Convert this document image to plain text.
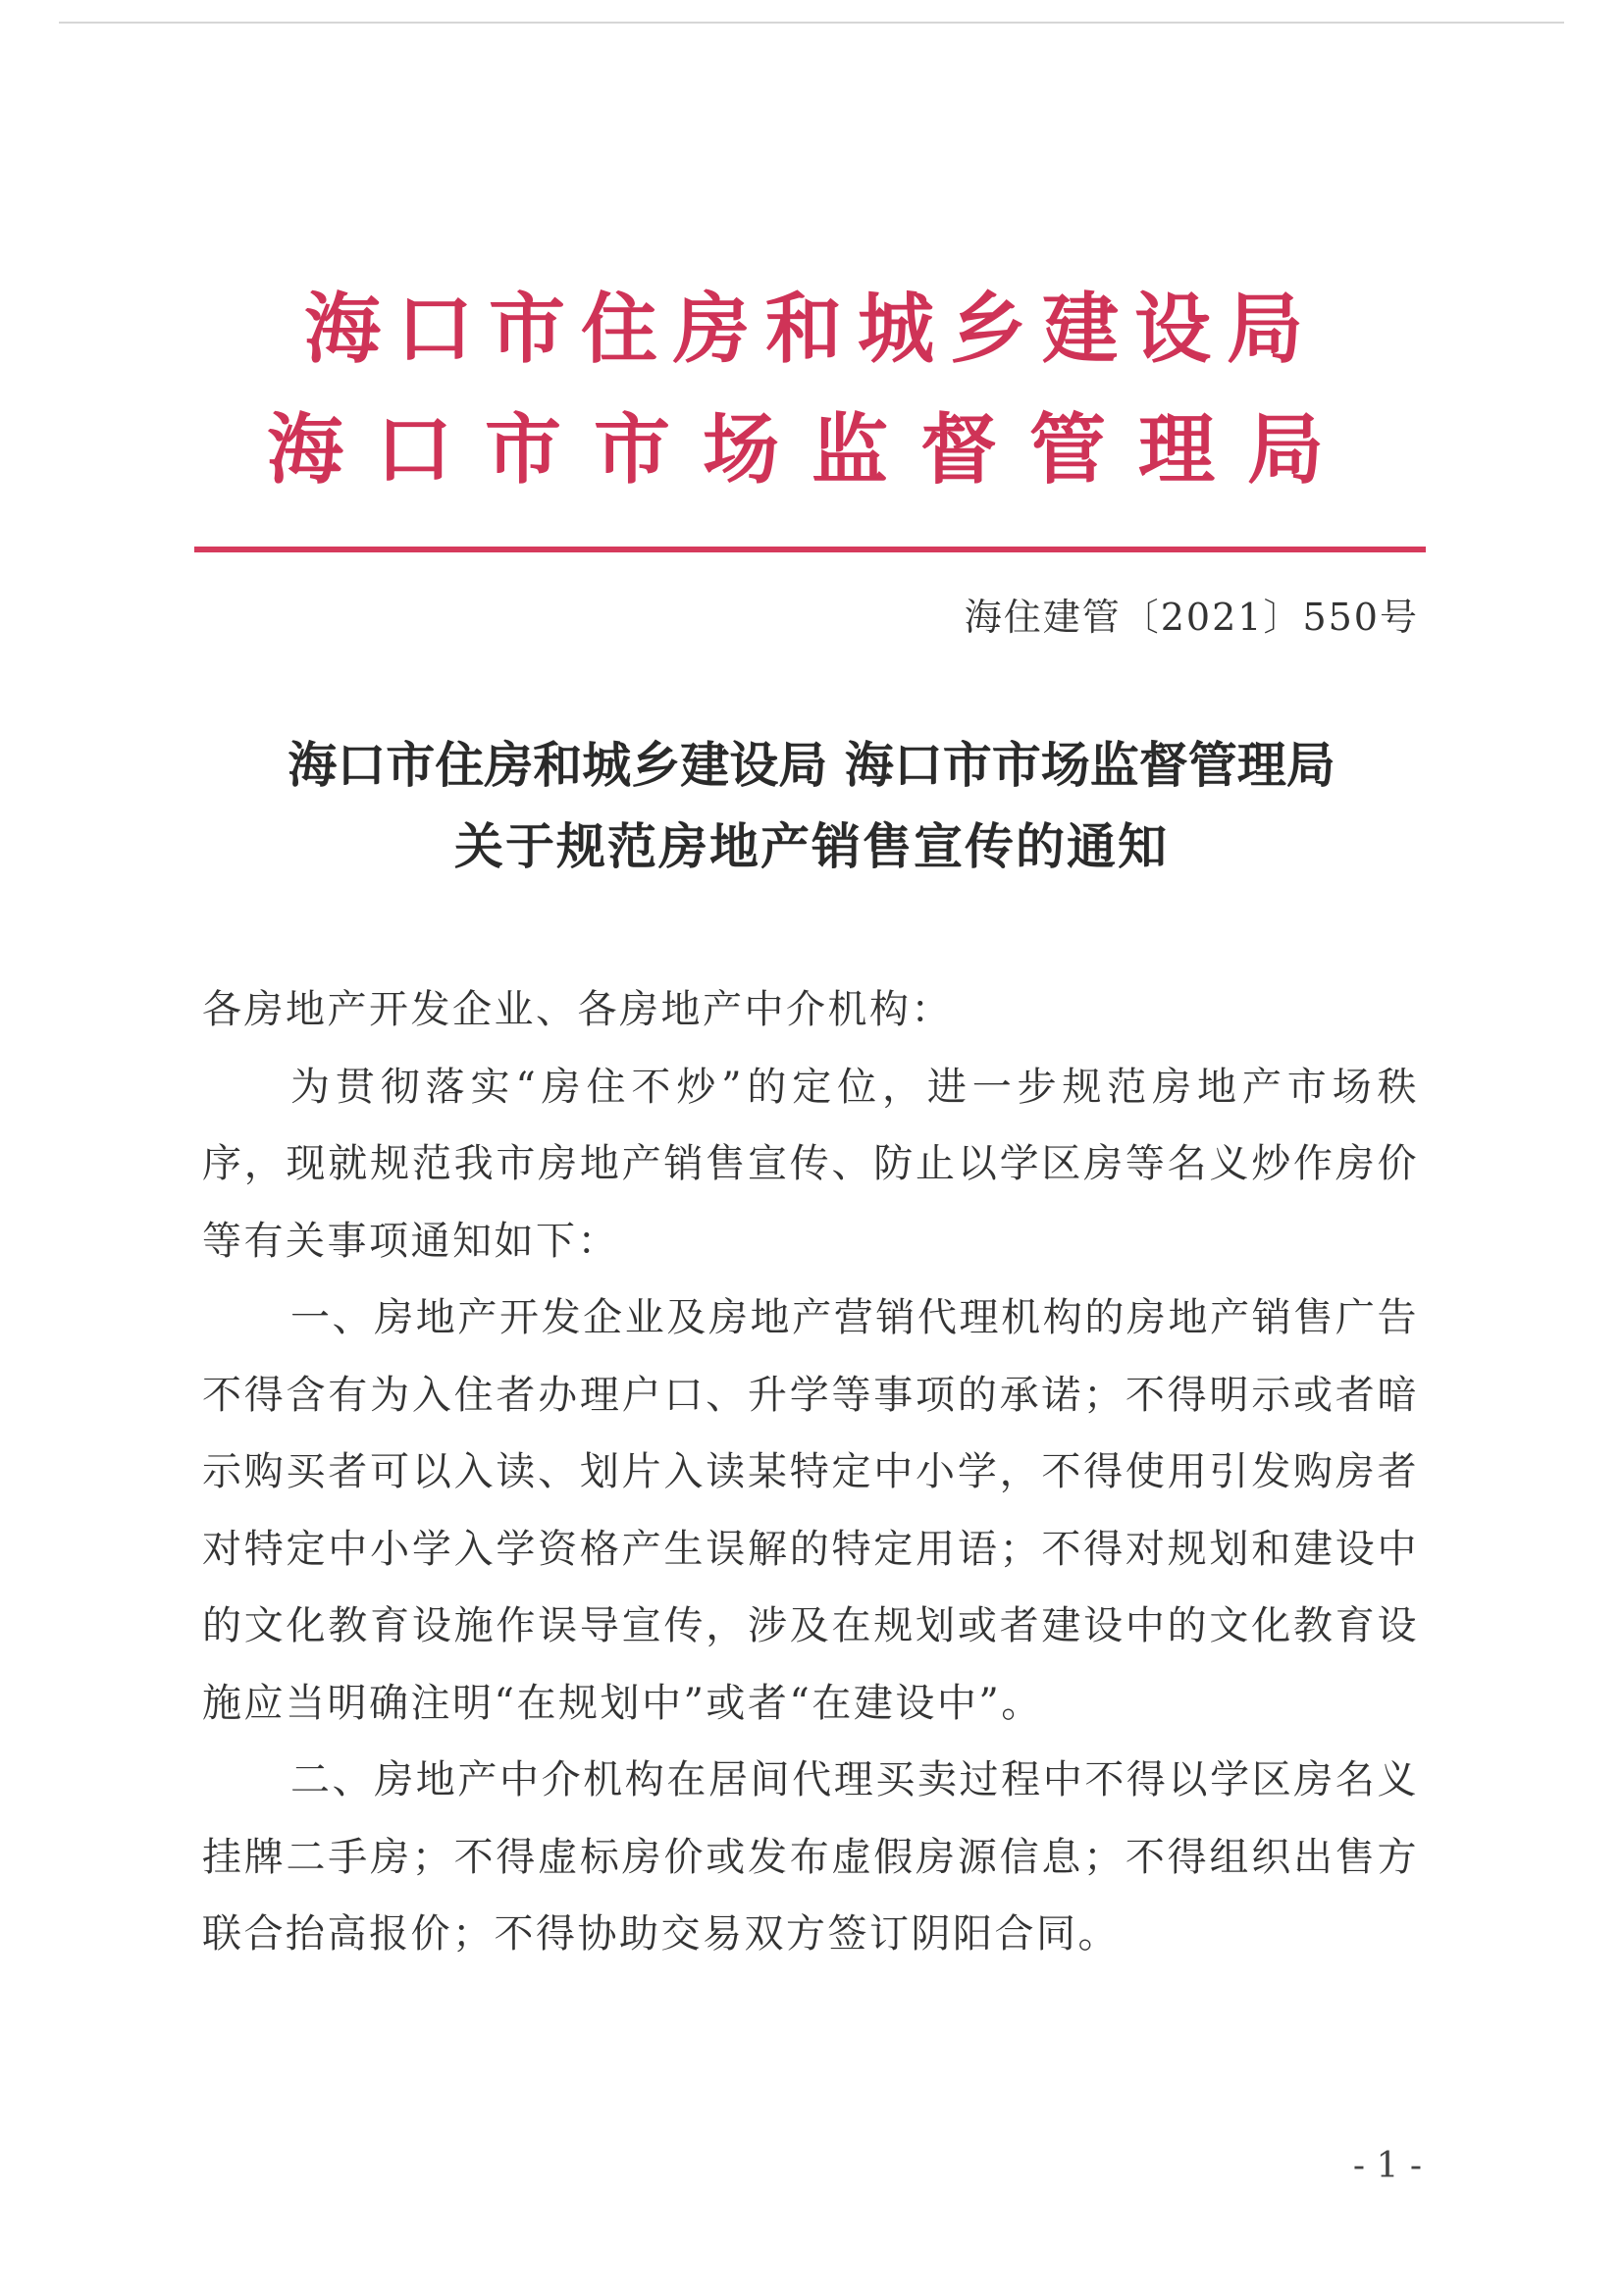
海口市住房和城乡建设局
海口市市场监督管理局
海住建管〔2021〕550号
海口市住房和城乡建设局 海口市市场监督管理局
关于规范房地产销售宣传的通知

各房地产开发企业、各房地产中介机构：

为贯彻落实“房住不炒”的定位，进一步规范房地产市场秩序，现就规范我市房地产销售宣传、防止以学区房等名义炒作房价等有关事项通知如下：

一、房地产开发企业及房地产营销代理机构的房地产销售广告不得含有为入住者办理户口、升学等事项的承诺；不得明示或者暗示购买者可以入读、划片入读某特定中小学，不得使用引发购房者对特定中小学入学资格产生误解的特定用语；不得对规划和建设中的文化教育设施作误导宣传，涉及在规划或者建设中的文化教育设施应当明确注明“在规划中”或者“在建设中”。

二、房地产中介机构在居间代理买卖过程中不得以学区房名义挂牌二手房；不得虚标房价或发布虚假房源信息；不得组织出售方联合抬高报价；不得协助交易双方签订阴阳合同。

- 1 -
